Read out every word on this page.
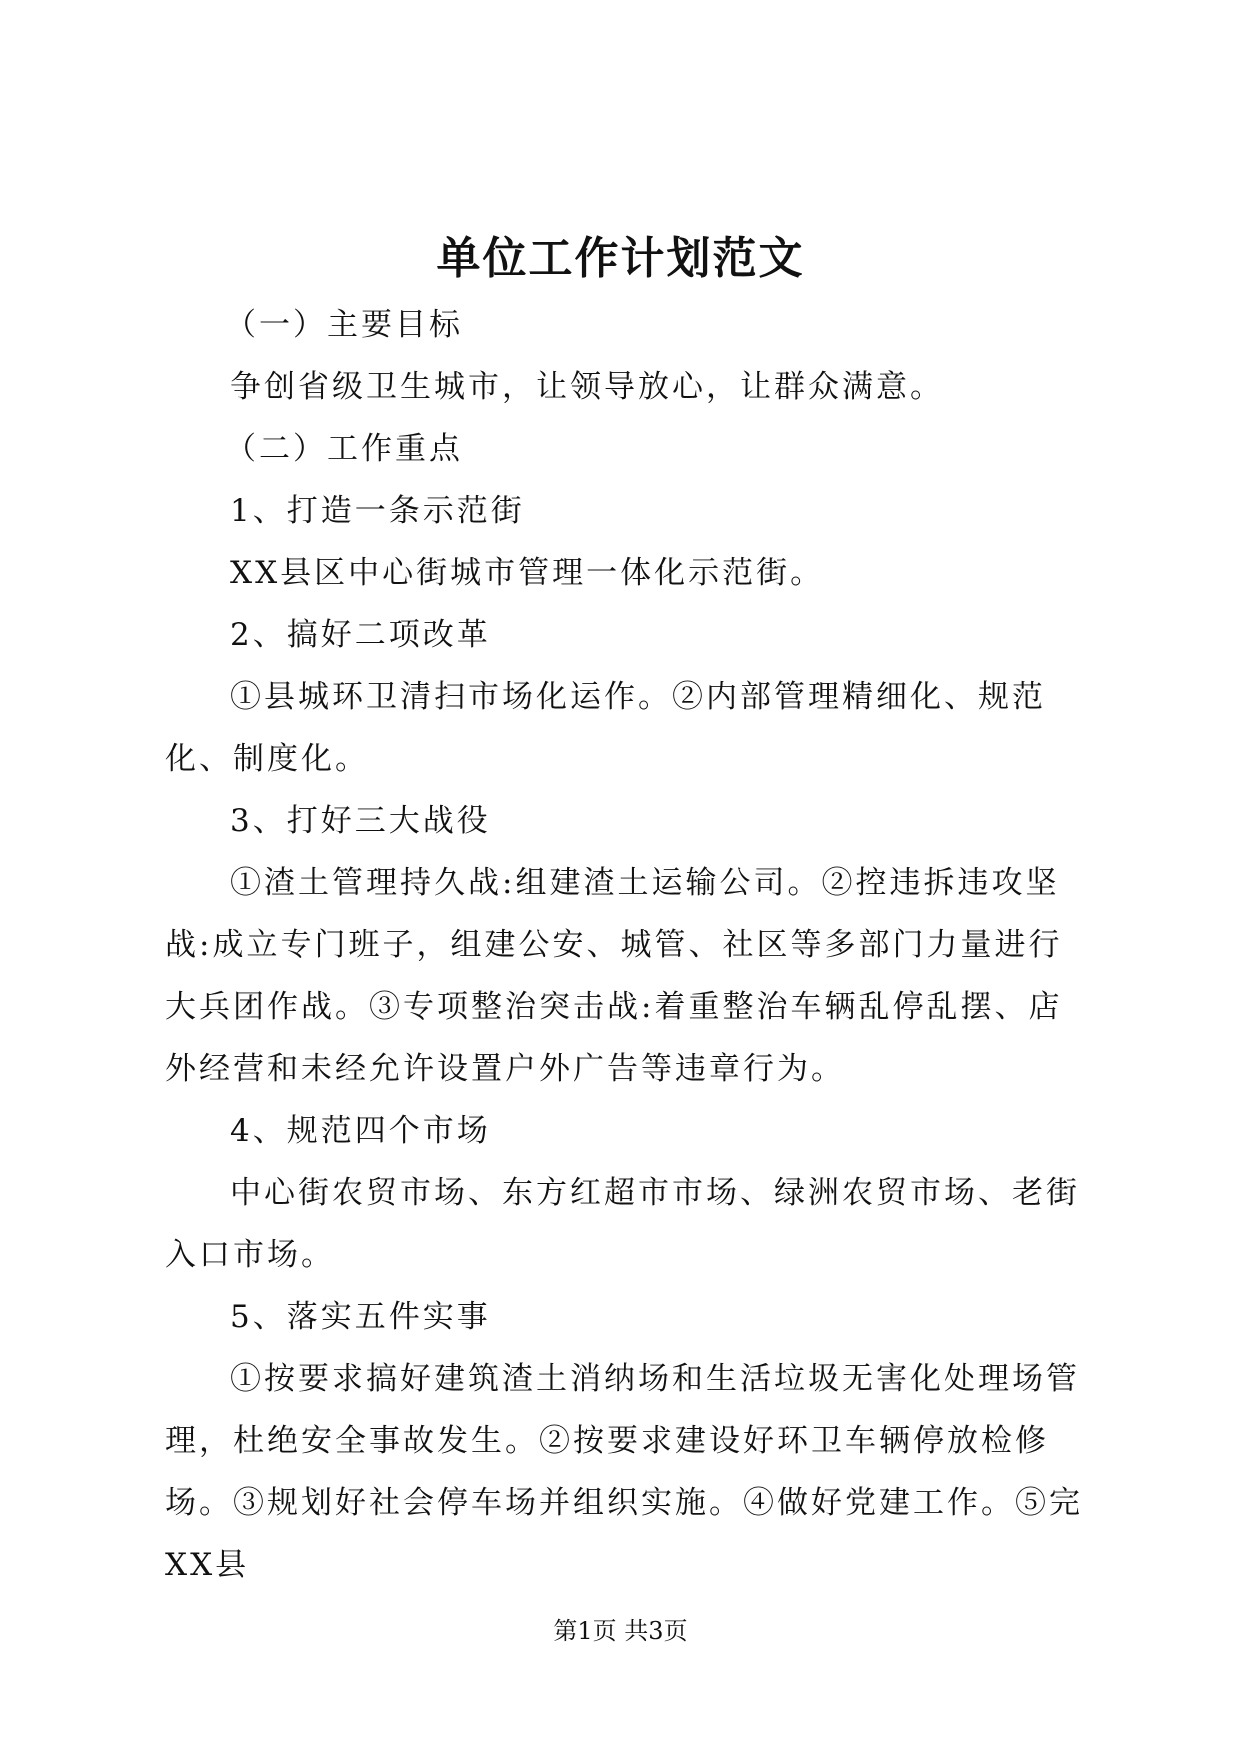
单位工作计划范文

（一）主要目标

争创省级卫生城市，让领导放心，让群众满意。

（二）工作重点

1、打造一条示范街

XX县区中心街城市管理一体化示范街。

2、搞好二项改革

①县城环卫清扫市场化运作。②内部管理精细化、规范化、制度化。

3、打好三大战役

①渣土管理持久战:组建渣土运输公司。②控违拆违攻坚战:成立专门班子，组建公安、城管、社区等多部门力量进行大兵团作战。③专项整治突击战:着重整治车辆乱停乱摆、店外经营和未经允许设置户外广告等违章行为。

4、规范四个市场

中心街农贸市场、东方红超市市场、绿洲农贸市场、老街入口市场。

5、落实五件实事

①按要求搞好建筑渣土消纳场和生活垃圾无害化处理场管理，杜绝安全事故发生。②按要求建设好环卫车辆停放检修场。③规划好社会停车场并组织实施。④做好党建工作。⑤完XX县

第1页 共3页
